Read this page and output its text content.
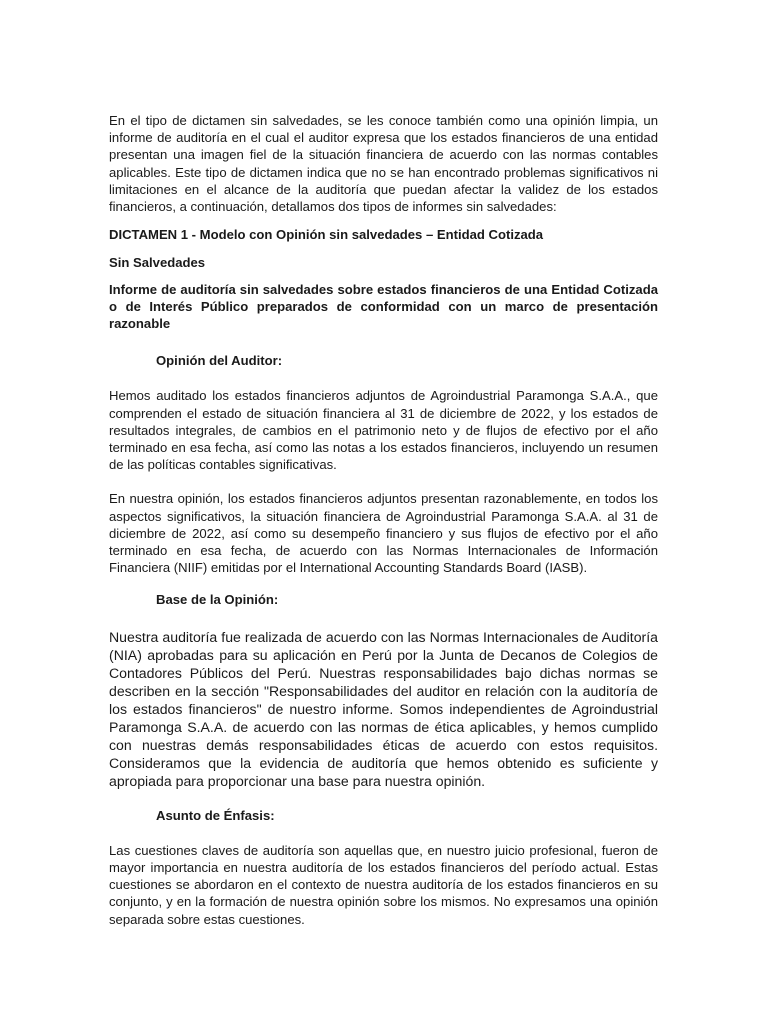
En el tipo de dictamen sin salvedades, se les conoce también como una opinión limpia, un informe de auditoría en el cual el auditor expresa que los estados financieros de una entidad presentan una imagen fiel de la situación financiera de acuerdo con las normas contables aplicables. Este tipo de dictamen indica que no se han encontrado problemas significativos ni limitaciones en el alcance de la auditoría que puedan afectar la validez de los estados financieros, a continuación, detallamos dos tipos de informes sin salvedades:

DICTAMEN 1 - Modelo con Opinión sin salvedades – Entidad Cotizada

Sin Salvedades

Informe de auditoría sin salvedades sobre estados financieros de una Entidad Cotizada o de Interés Público preparados de conformidad con un marco de presentación razonable

Opinión del Auditor:

Hemos auditado los estados financieros adjuntos de Agroindustrial Paramonga S.A.A., que comprenden el estado de situación financiera al 31 de diciembre de 2022, y los estados de resultados integrales, de cambios en el patrimonio neto y de flujos de efectivo por el año terminado en esa fecha, así como las notas a los estados financieros, incluyendo un resumen de las políticas contables significativas.

En nuestra opinión, los estados financieros adjuntos presentan razonablemente, en todos los aspectos significativos, la situación financiera de Agroindustrial Paramonga S.A.A. al 31 de diciembre de 2022, así como su desempeño financiero y sus flujos de efectivo por el año terminado en esa fecha, de acuerdo con las Normas Internacionales de Información Financiera (NIIF) emitidas por el International Accounting Standards Board (IASB).

Base de la Opinión:

Nuestra auditoría fue realizada de acuerdo con las Normas Internacionales de Auditoría (NIA) aprobadas para su aplicación en Perú por la Junta de Decanos de Colegios de Contadores Públicos del Perú. Nuestras responsabilidades bajo dichas normas se describen en la sección "Responsabilidades del auditor en relación con la auditoría de los estados financieros" de nuestro informe. Somos independientes de Agroindustrial Paramonga S.A.A. de acuerdo con las normas de ética aplicables, y hemos cumplido con nuestras demás responsabilidades éticas de acuerdo con estos requisitos. Consideramos que la evidencia de auditoría que hemos obtenido es suficiente y apropiada para proporcionar una base para nuestra opinión.

Asunto de Énfasis:

Las cuestiones claves de auditoría son aquellas que, en nuestro juicio profesional, fueron de mayor importancia en nuestra auditoría de los estados financieros del período actual. Estas cuestiones se abordaron en el contexto de nuestra auditoría de los estados financieros en su conjunto, y en la formación de nuestra opinión sobre los mismos. No expresamos una opinión separada sobre estas cuestiones.
